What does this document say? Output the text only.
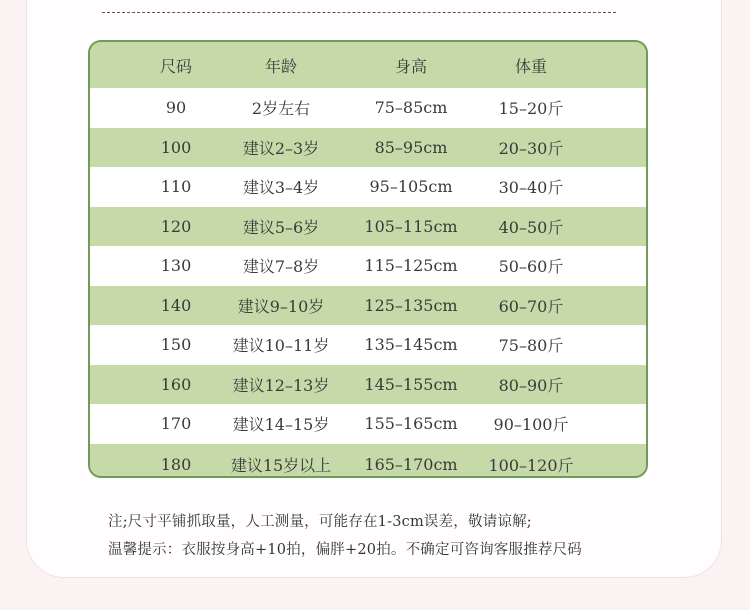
尺码	年龄	身高	体重
90	2岁左右	75–85cm	15–20斤
100	建议2–3岁	85–95cm	20–30斤
110	建议3–4岁	95–105cm	30–40斤
120	建议5–6岁	105–115cm	40–50斤
130	建议7–8岁	115–125cm	50–60斤
140	建议9–10岁	125–135cm	60–70斤
150	建议10–11岁	135–145cm	75–80斤
160	建议12–13岁	145–155cm	80–90斤
170	建议14–15岁	155–165cm	90–100斤
180	建议15岁以上	165–170cm	100–120斤
注;尺寸平铺抓取量，人工测量，可能存在1-3cm误差，敬请谅解;
温馨提示：衣服按身高+10拍，偏胖+20拍。不确定可咨询客服推荐尺码
